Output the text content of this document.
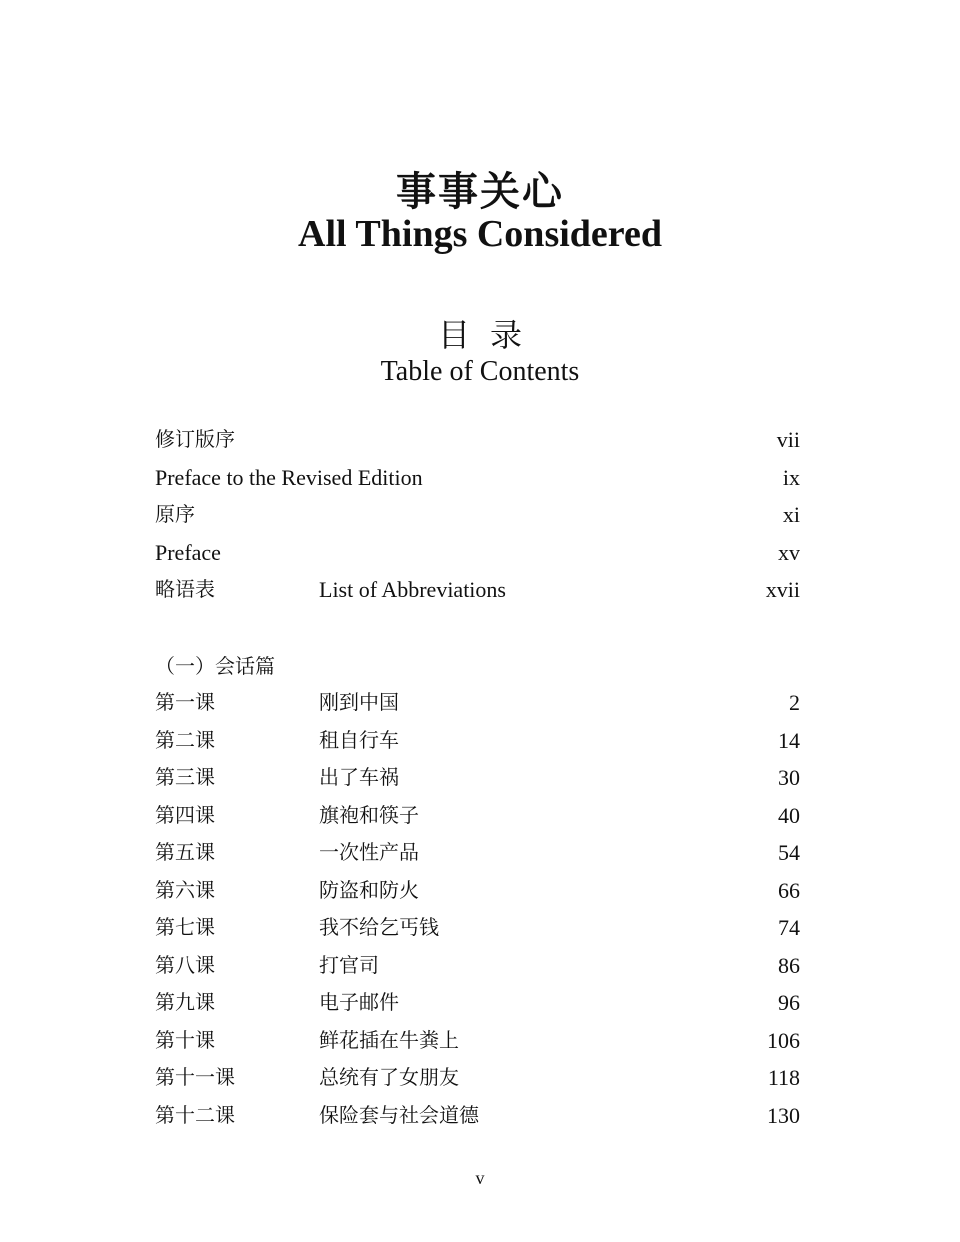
事事关心
All Things Considered
目录
Table of Contents
修订版序	vii
Preface to the Revised Edition	ix
原序	xi
Preface	xv
略语表	List of Abbreviations	xvii
（一）会话篇
第一课	刚到中国	2
第二课	租自行车	14
第三课	出了车祸	30
第四课	旗袍和筷子	40
第五课	一次性产品	54
第六课	防盗和防火	66
第七课	我不给乞丐钱	74
第八课	打官司	86
第九课	电子邮件	96
第十课	鲜花插在牛粪上	106
第十一课	总统有了女朋友	118
第十二课	保险套与社会道德	130
v
